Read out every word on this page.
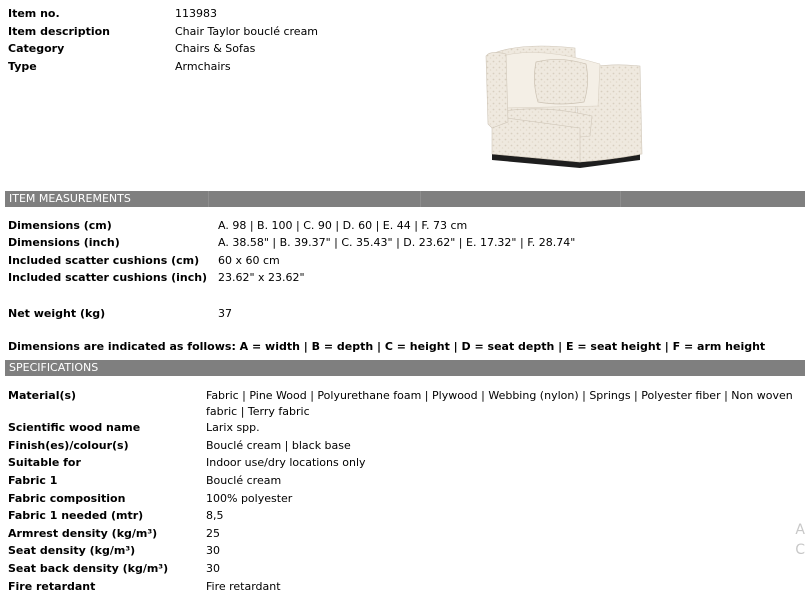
Item no.	113983
Item description	Chair Taylor bouclé cream
Category	Chairs & Sofas
Type	Armchairs
ITEM MEASUREMENTS
Dimensions (cm)	A. 98 | B. 100 | C. 90 | D. 60 | E. 44 | F. 73 cm
Dimensions (inch)	A. 38.58" | B. 39.37" | C. 35.43" | D. 23.62" | E. 17.32" | F. 28.74"
Included scatter cushions (cm) 60 x 60 cm
Included scatter cushions (inch) 23.62" x 23.62"
Net weight (kg)	37
Dimensions are indicated as follows: A = width | B = depth | C = height | D = seat depth | E = seat height | F = arm height
SPECIFICATIONS
Material(s)	Fabric | Pine Wood | Polyurethane foam | Plywood | Webbing (nylon) | Springs | Polyester fiber | Non woven
fabric | Terry fabric
Scientific wood name	Larix spp.
Finish(es)/colour(s)	Bouclé cream | black base
Suitable for	Indoor use/dry locations only
Fabric 1	Bouclé cream
Fabric composition	100% polyester
Fabric 1 needed (mtr)	8,5
Armrest density (kg/m³)	25
Seat density (kg/m³)	30
Seat back density (kg/m³)	30
Fire retardant	Fire retardant
A
C
